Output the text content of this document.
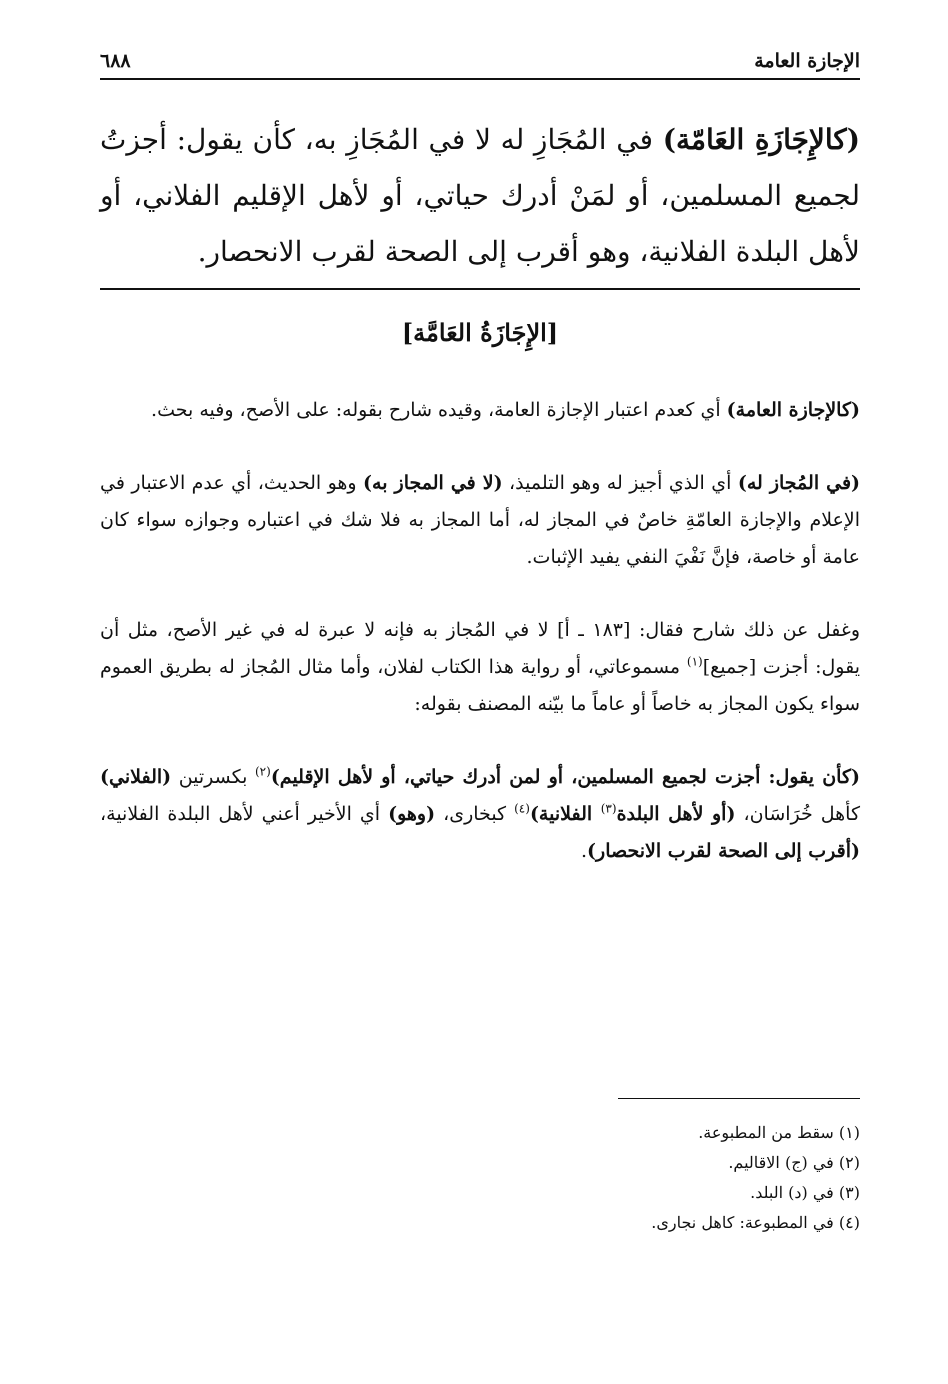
الإجازة العامة
٦٨٨
(كالإِجَازَةِ العَامّة) في المُجَازِ له لا في المُجَازِ به، كأن يقول: أجزتُ لجميع المسلمين، أو لمَنْ أدرك حياتي، أو لأهل الإقليم الفلاني، أو لأهل البلدة الفلانية، وهو أقرب إلى الصحة لقرب الانحصار.
[الإِجَازَةُ العَامَّة]

(كالإجازة العامة) أي كعدم اعتبار الإجازة العامة، وقيده شارح بقوله: على الأصح، وفيه بحث.

(في المُجاز له) أي الذي أجيز له وهو التلميذ، (لا في المجاز به) وهو الحديث، أي عدم الاعتبار في الإعلام والإجازة العامّةِ خاصٌ في المجاز له، أما المجاز به فلا شك في اعتباره وجوازه سواء كان عامة أو خاصة، فإنَّ نَفْيَ النفي يفيد الإثبات.

وغفل عن ذلك شارح فقال: [١٨٣ ـ أ] لا في المُجاز به فإنه لا عبرة له في غير الأصح، مثل أن يقول: أجزت [جميع]$^{(١)}$ مسموعاتي، أو رواية هذا الكتاب لفلان، وأما مثال المُجاز له بطريق العموم سواء يكون المجاز به خاصاً أو عاماً ما بيّنه المصنف بقوله:

(كأن يقول: أجزت لجميع المسلمين، أو لمن أدرك حياتي، أو لأهل الإقليم)$^{(٢)}$ بكسرتين (الفلاني) كأهل خُرَاسَان، (أو لأهل البلدة$^{(٣)}$ الفلانية)$^{(٤)}$ كبخارى، (وهو) أي الأخير أعني لأهل البلدة الفلانية، (أقرب إلى الصحة لقرب الانحصار).

(١) سقط من المطبوعة.
(٢) في (ج) الاقاليم.
(٣) في (د) البلد.
(٤) في المطبوعة: كاهل نجارى.
